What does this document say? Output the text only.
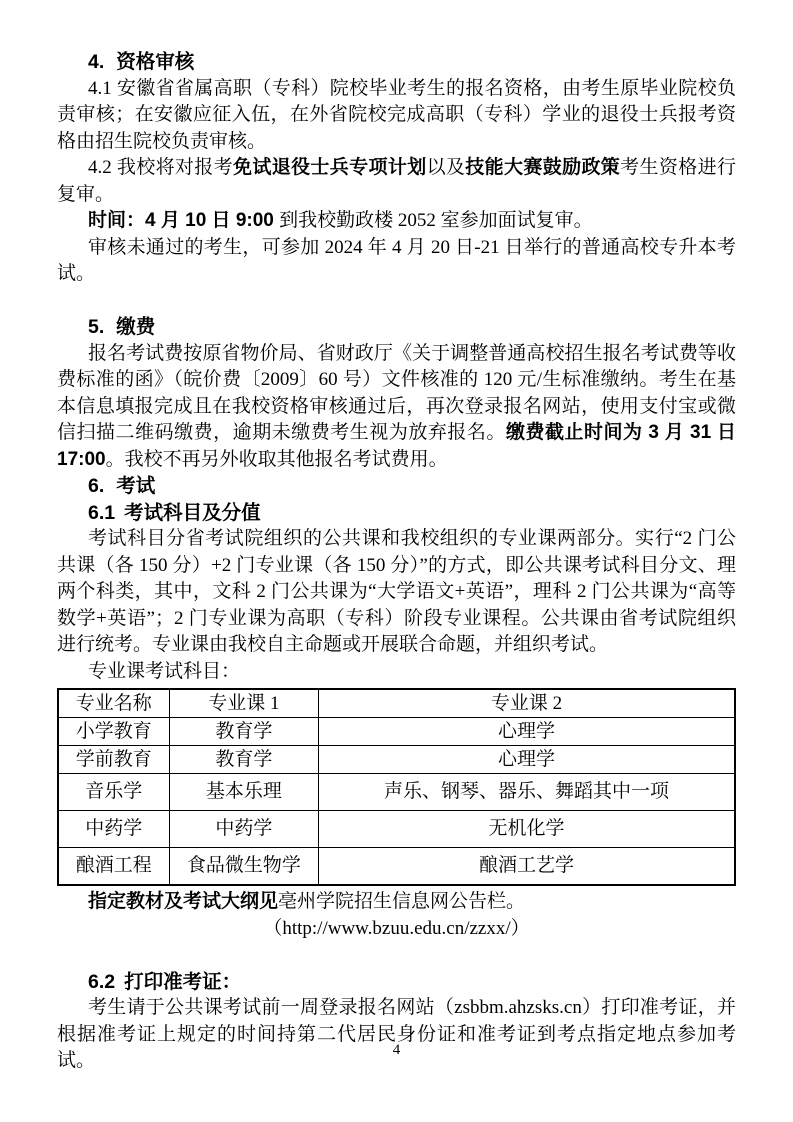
4. 资格审核

4.1 安徽省省属高职（专科）院校毕业考生的报名资格，由考生原毕业院校负责审核；在安徽应征入伍，在外省院校完成高职（专科）学业的退役士兵报考资格由招生院校负责审核。

4.2 我校将对报考免试退役士兵专项计划以及技能大赛鼓励政策考生资格进行复审。

时间：4 月 10 日 9:00 到我校勤政楼 2052 室参加面试复审。

审核未通过的考生，可参加 2024 年 4 月 20 日-21 日举行的普通高校专升本考试。

5. 缴费

报名考试费按原省物价局、省财政厅《关于调整普通高校招生报名考试费等收费标准的函》（皖价费〔2009〕60 号）文件核准的 120 元/生标准缴纳。考生在基本信息填报完成且在我校资格审核通过后，再次登录报名网站，使用支付宝或微信扫描二维码缴费，逾期未缴费考生视为放弃报名。缴费截止时间为 3 月 31 日 17:00。我校不再另外收取其他报名考试费用。

6. 考试
6.1 考试科目及分值

考试科目分省考试院组织的公共课和我校组织的专业课两部分。实行“2 门公共课（各 150 分）+2 门专业课（各 150 分）”的方式，即公共课考试科目分文、理两个科类，其中，文科 2 门公共课为“大学语文+英语”，理科 2 门公共课为“高等数学+英语”；2 门专业课为高职（专科）阶段专业课程。公共课由省考试院组织进行统考。专业课由我校自主命题或开展联合命题，并组织考试。

专业课考试科目：

专业名称	专业课 1	专业课 2
小学教育	教育学	心理学
学前教育	教育学	心理学
音乐学	基本乐理	声乐、钢琴、器乐、舞蹈其中一项
中药学	中药学	无机化学
酿酒工程	食品微生物学	酿酒工艺学

指定教材及考试大纲见亳州学院招生信息网公告栏。

（http://www.bzuu.edu.cn/zzxx/）

6.2 打印准考证：

考生请于公共课考试前一周登录报名网站（zsbbm.ahzsks.cn）打印准考证，并根据准考证上规定的时间持第二代居民身份证和准考证到考点指定地点参加考试。	4
